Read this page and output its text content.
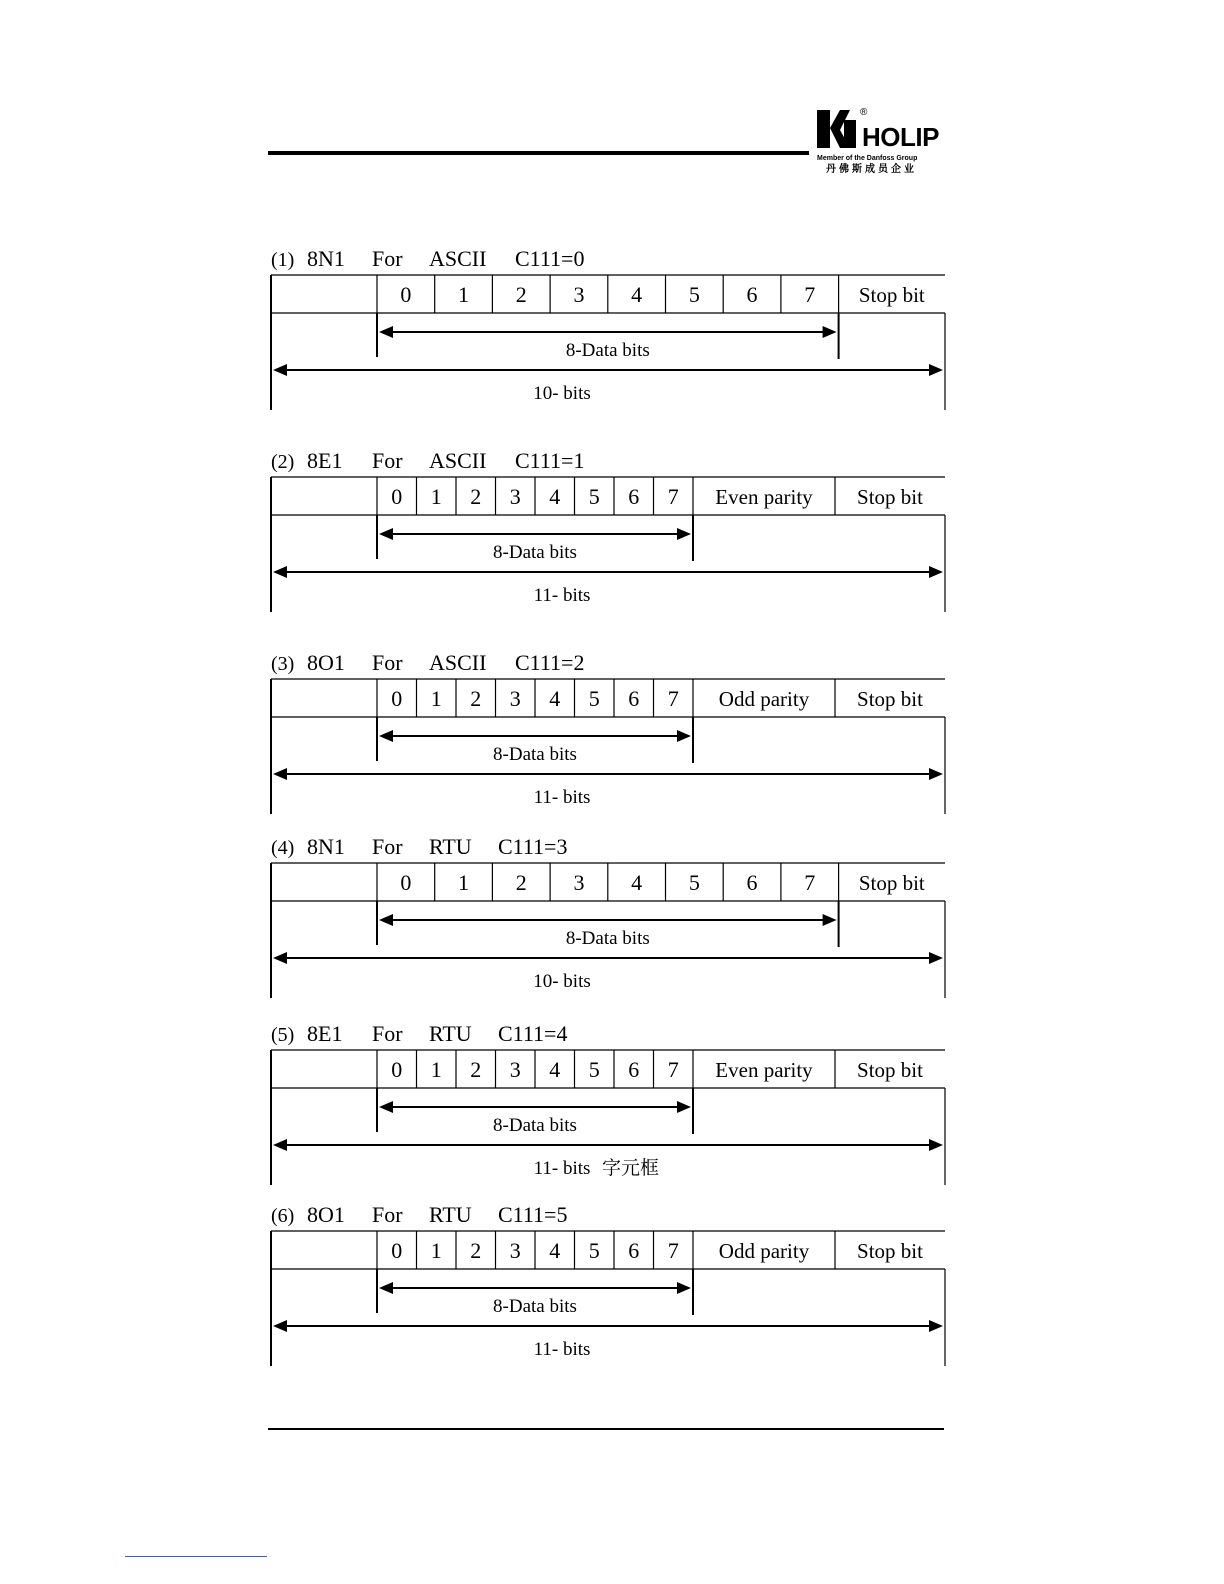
®
HOLIP
Member of the Danfoss Group
丹佛斯成员企业
(1) 8N1 For ASCII C111=0
0 1 2 3 4 5 6 7 Stop bit
8-Data bits
10- bits
(2) 8E1 For ASCII C111=1
0 1 2 3 4 5 6 7 Even parity Stop bit
8-Data bits
11- bits
(3) 8O1 For ASCII C111=2
0 1 2 3 4 5 6 7 Odd parity Stop bit
8-Data bits
11- bits
(4) 8N1 For RTU C111=3
0 1 2 3 4 5 6 7 Stop bit
8-Data bits
10- bits
(5) 8E1 For RTU C111=4
0 1 2 3 4 5 6 7 Even parity Stop bit
8-Data bits
11- bits 字元框
(6) 8O1 For RTU C111=5
0 1 2 3 4 5 6 7 Odd parity Stop bit
8-Data bits
11- bits
